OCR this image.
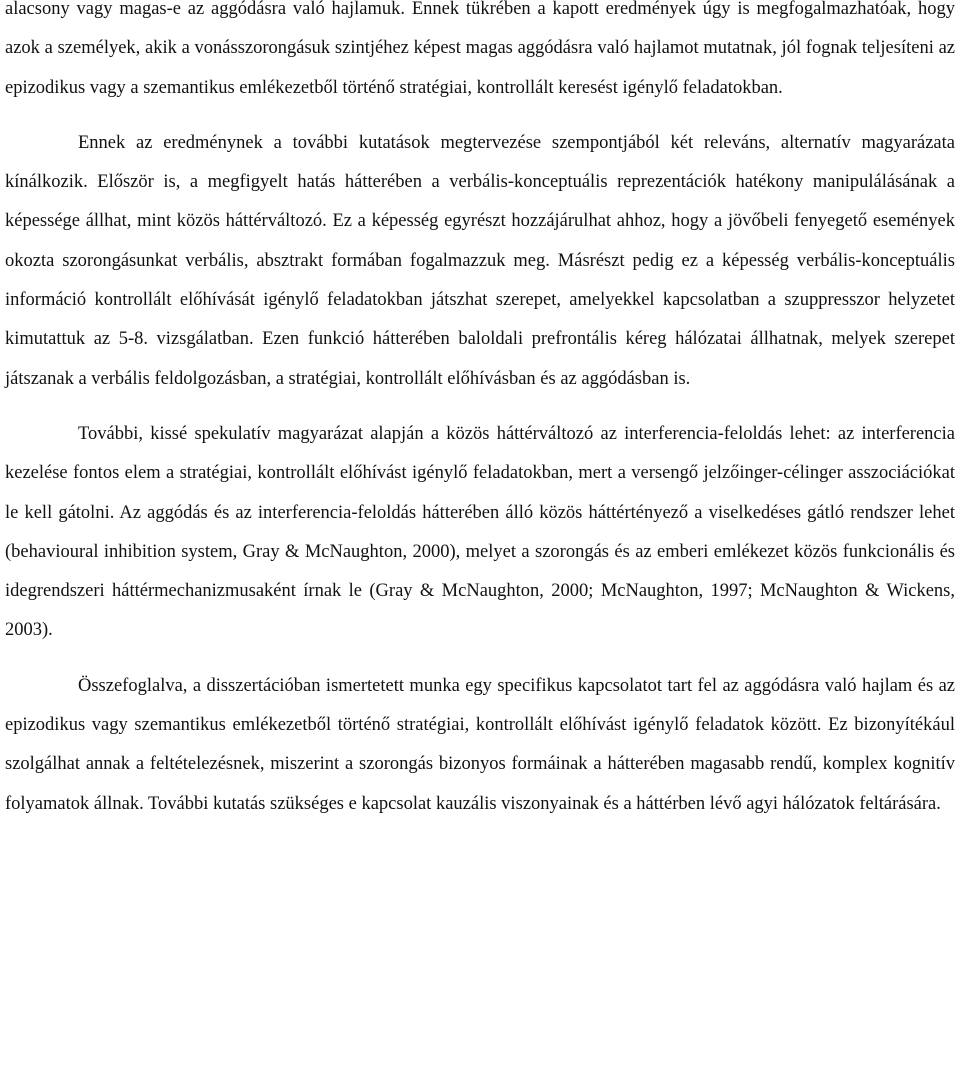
alacsony vagy magas-e az aggódásra való hajlamuk. Ennek tükrében a kapott eredmények úgy is megfogalmazhatóak, hogy azok a személyek, akik a vonásszorongásuk szintjéhez képest magas aggódásra való hajlamot mutatnak, jól fognak teljesíteni az epizodikus vagy a szemantikus emlékezetből történő stratégiai, kontrollált keresést igénylő feladatokban.

Ennek az eredménynek a további kutatások megtervezése szempontjából két releváns, alternatív magyarázata kínálkozik. Először is, a megfigyelt hatás hátterében a verbális-konceptuális reprezentációk hatékony manipulálásának a képessége állhat, mint közös háttérváltozó. Ez a képesség egyrészt hozzájárulhat ahhoz, hogy a jövőbeli fenyegető események okozta szorongásunkat verbális, absztrakt formában fogalmazzuk meg. Másrészt pedig ez a képesség verbális-konceptuális információ kontrollált előhívását igénylő feladatokban játszhat szerepet, amelyekkel kapcsolatban a szuppresszor helyzetet kimutattuk az 5-8. vizsgálatban. Ezen funkció hátterében baloldali prefrontális kéreg hálózatai állhatnak, melyek szerepet játszanak a verbális feldolgozásban, a stratégiai, kontrollált előhívásban és az aggódásban is.

További, kissé spekulatív magyarázat alapján a közös háttérváltozó az interferencia-feloldás lehet: az interferencia kezelése fontos elem a stratégiai, kontrollált előhívást igénylő feladatokban, mert a versengő jelzőinger-célinger asszociációkat le kell gátolni. Az aggódás és az interferencia-feloldás hátterében álló közös háttértényező a viselkedéses gátló rendszer lehet (behavioural inhibition system, Gray & McNaughton, 2000), melyet a szorongás és az emberi emlékezet közös funkcionális és idegrendszeri háttérmechanizmusaként írnak le (Gray & McNaughton, 2000; McNaughton, 1997; McNaughton & Wickens, 2003).

Összefoglalva, a disszertációban ismertetett munka egy specifikus kapcsolatot tart fel az aggódásra való hajlam és az epizodikus vagy szemantikus emlékezetből történő stratégiai, kontrollált előhívást igénylő feladatok között. Ez bizonyítékául szolgálhat annak a feltételezésnek, miszerint a szorongás bizonyos formáinak a hátterében magasabb rendű, komplex kognitív folyamatok állnak. További kutatás szükséges e kapcsolat kauzális viszonyainak és a háttérben lévő agyi hálózatok feltárására.
